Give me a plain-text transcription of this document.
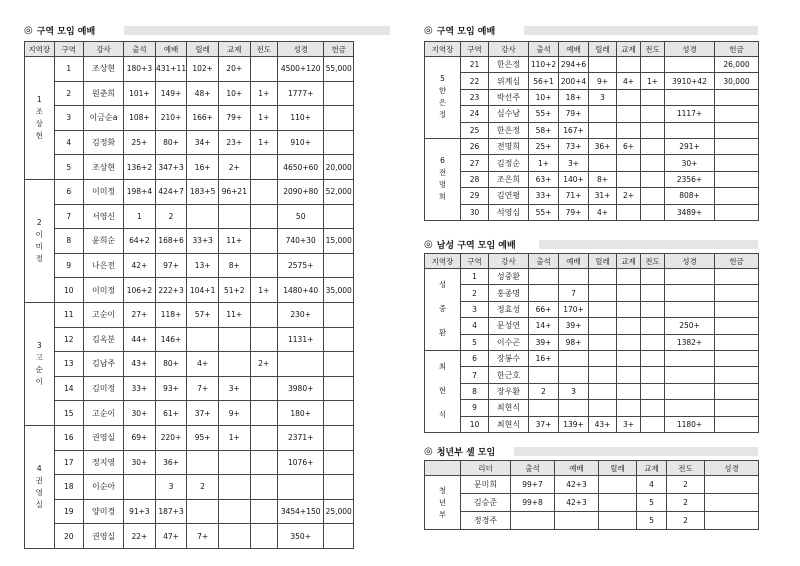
◎ 구역 모임 예배	◎ 구역 모임 예배
◎ 남성 구역 모임 예배
◎ 청년부 셀 모임
지역장	구역	강사	출석	예배	릴레	교제	전도	성경	헌금
1
조
상
현	1	조상현	180+3	431+11	102+	20+		4500+120	55,000
	2	원춘희	101+	149+	48+	10+	1+	1777+	
	3	이금순a	108+	210+	166+	79+	1+	110+	
	4	김정화	25+	80+	34+	23+	1+	910+	
	5	조상현	136+2	347+3	16+	2+		4650+60	20,000
2
이
미
정	6	이미정	198+4	424+7	183+5	96+21		2090+80	52,000
	7	서영신	1	2				50	
	8	윤희순	64+2	168+6	33+3	11+		740+30	15,000
	9	나은전	42+	97+	13+	8+		2575+	
	10	이미정	106+2	222+3	104+1	51+2	1+	1480+40	35,000
3
고
순
이	11	고순이	27+	118+	57+	11+		230+	
	12	김옥분	44+	146+				1131+	
	13	김남주	43+	80+	4+		2+		
	14	김미정	33+	93+	7+	3+		3980+	
	15	고순이	30+	61+	37+	9+		180+	
4
권
영
실	16	권영실	69+	220+	95+	1+		2371+	
	17	정지영	30+	36+				1076+	
	18	이순아		3	2				
	19	양미경	91+3	187+3				3454+150	25,000
	20	권영실	22+	47+	7+			350+	
지역장	구역	강사	출석	예배	릴레	교제	전도	성경	헌금
5
한
은
정	21	한은정	110+2	294+6					26,000
	22	위계심	56+1	200+4	9+	4+	1+	3910+42	30,000
	23	박선주	10+	18+	3				
	24	심수남	55+	79+				1117+	
	25	한은정	58+	167+					
6
전
명
희	26	전명희	25+	73+	36+	6+		291+	
	27	김정순	1+	3+				30+	
	28	조은희	63+	140+	8+			2356+	
	29	김연평	33+	71+	31+	2+		808+	
	30	석영심	55+	79+	4+			3489+	
지역장	구역	강사	출석	예배	릴레	교제	전도	성경	헌금
성

중

환	1	성중환							
	2	홍종명		7					
	3	정효성	66+	170+					
	4	문성연	14+	39+				250+	
	5	이수곤	39+	98+				1382+	
최

현

식	6	장봉수	16+						
	7	한근호							
	8	장우환	2	3					
	9	최현식							
	10	최현식	37+	139+	43+	3+		1180+	
	리더	출석	예배	릴레	교제	전도	성경
청
년
부	문미희	99+7	42+3		4	2	
	김승준	99+8	42+3		5	2	
	정경주				5	2	
